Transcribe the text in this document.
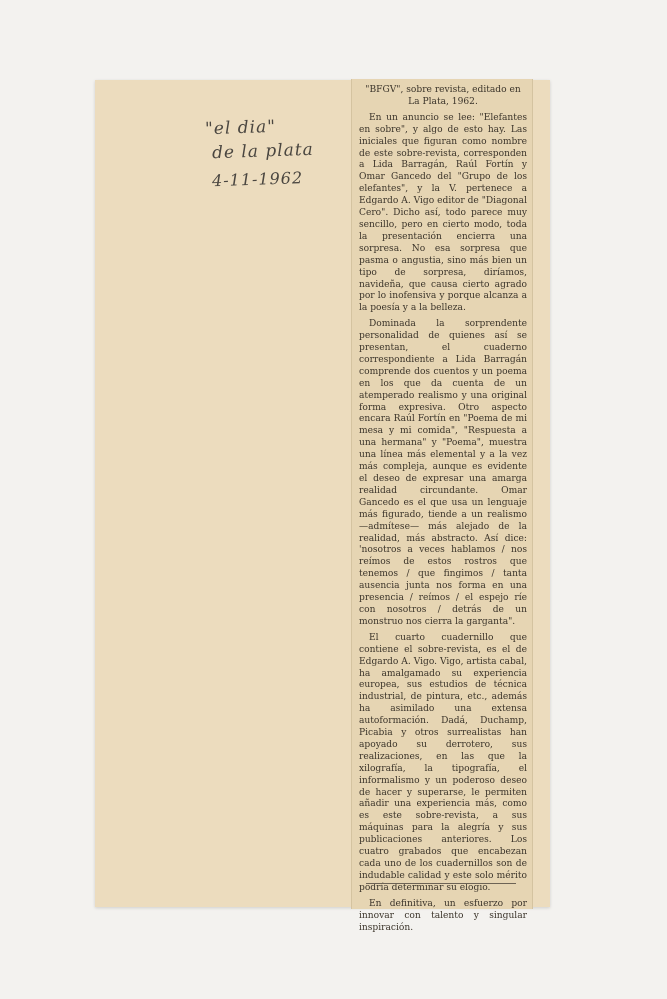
"el dia"
de la plata
4-11-1962

"BFGV", sobre revista, editado en La Plata, 1962.

En un anuncio se lee: "Elefantes en sobre", y algo de esto hay. Las iniciales que figuran como nombre de este sobre-revista, corresponden a Lida Barragán, Raúl Fortín y Omar Gancedo del "Grupo de los elefantes", y la V. pertenece a Edgardo A. Vigo editor de "Diagonal Cero". Dicho así, todo parece muy sencillo, pero en cierto modo, toda la presentación encierra una sorpresa. No esa sorpresa que pasma o angustia, sino más bien un tipo de sorpresa, diríamos, navideña, que causa cierto agrado por lo inofensiva y porque alcanza a la poesía y a la belleza.

Dominada la sorprendente personalidad de quienes así se presentan, el cuaderno correspondiente a Lida Barragán comprende dos cuentos y un poema en los que da cuenta de un atemperado realismo y una original forma expresiva. Otro aspecto encara Raúl Fortín en "Poema de mi mesa y mi comida", "Respuesta a una hermana" y "Poema", muestra una línea más elemental y a la vez más compleja, aunque es evidente el deseo de expresar una amarga realidad circundante. Omar Gancedo es el que usa un lenguaje más figurado, tiende a un realismo —admítese— más alejado de la realidad, más abstracto. Así dice: 'nosotros a veces hablamos / nos reímos de estos rostros que tenemos / que fingimos / tanta ausencia junta nos forma en una presencia / reímos / el espejo ríe con nosotros / detrás de un monstruo nos cierra la garganta".

El cuarto cuadernillo que contiene el sobre-revista, es el de Edgardo A. Vigo. Vigo, artista cabal, ha amalgamado su experiencia europea, sus estudios de técnica industrial, de pintura, etc., además ha asimilado una extensa autoformación. Dadá, Duchamp, Picabia y otros surrealistas han apoyado su derrotero, sus realizaciones, en las que la xilografía, la tipografía, el informalismo y un poderoso deseo de hacer y superarse, le permiten añadir una experiencia más, como es este sobre-revista, a sus máquinas para la alegría y sus publicaciones anteriores. Los cuatro grabados que encabezan cada uno de los cuadernillos son de indudable calidad y este solo mérito podría determinar su elogio.

En definitiva, un esfuerzo por innovar con talento y singular inspiración.
